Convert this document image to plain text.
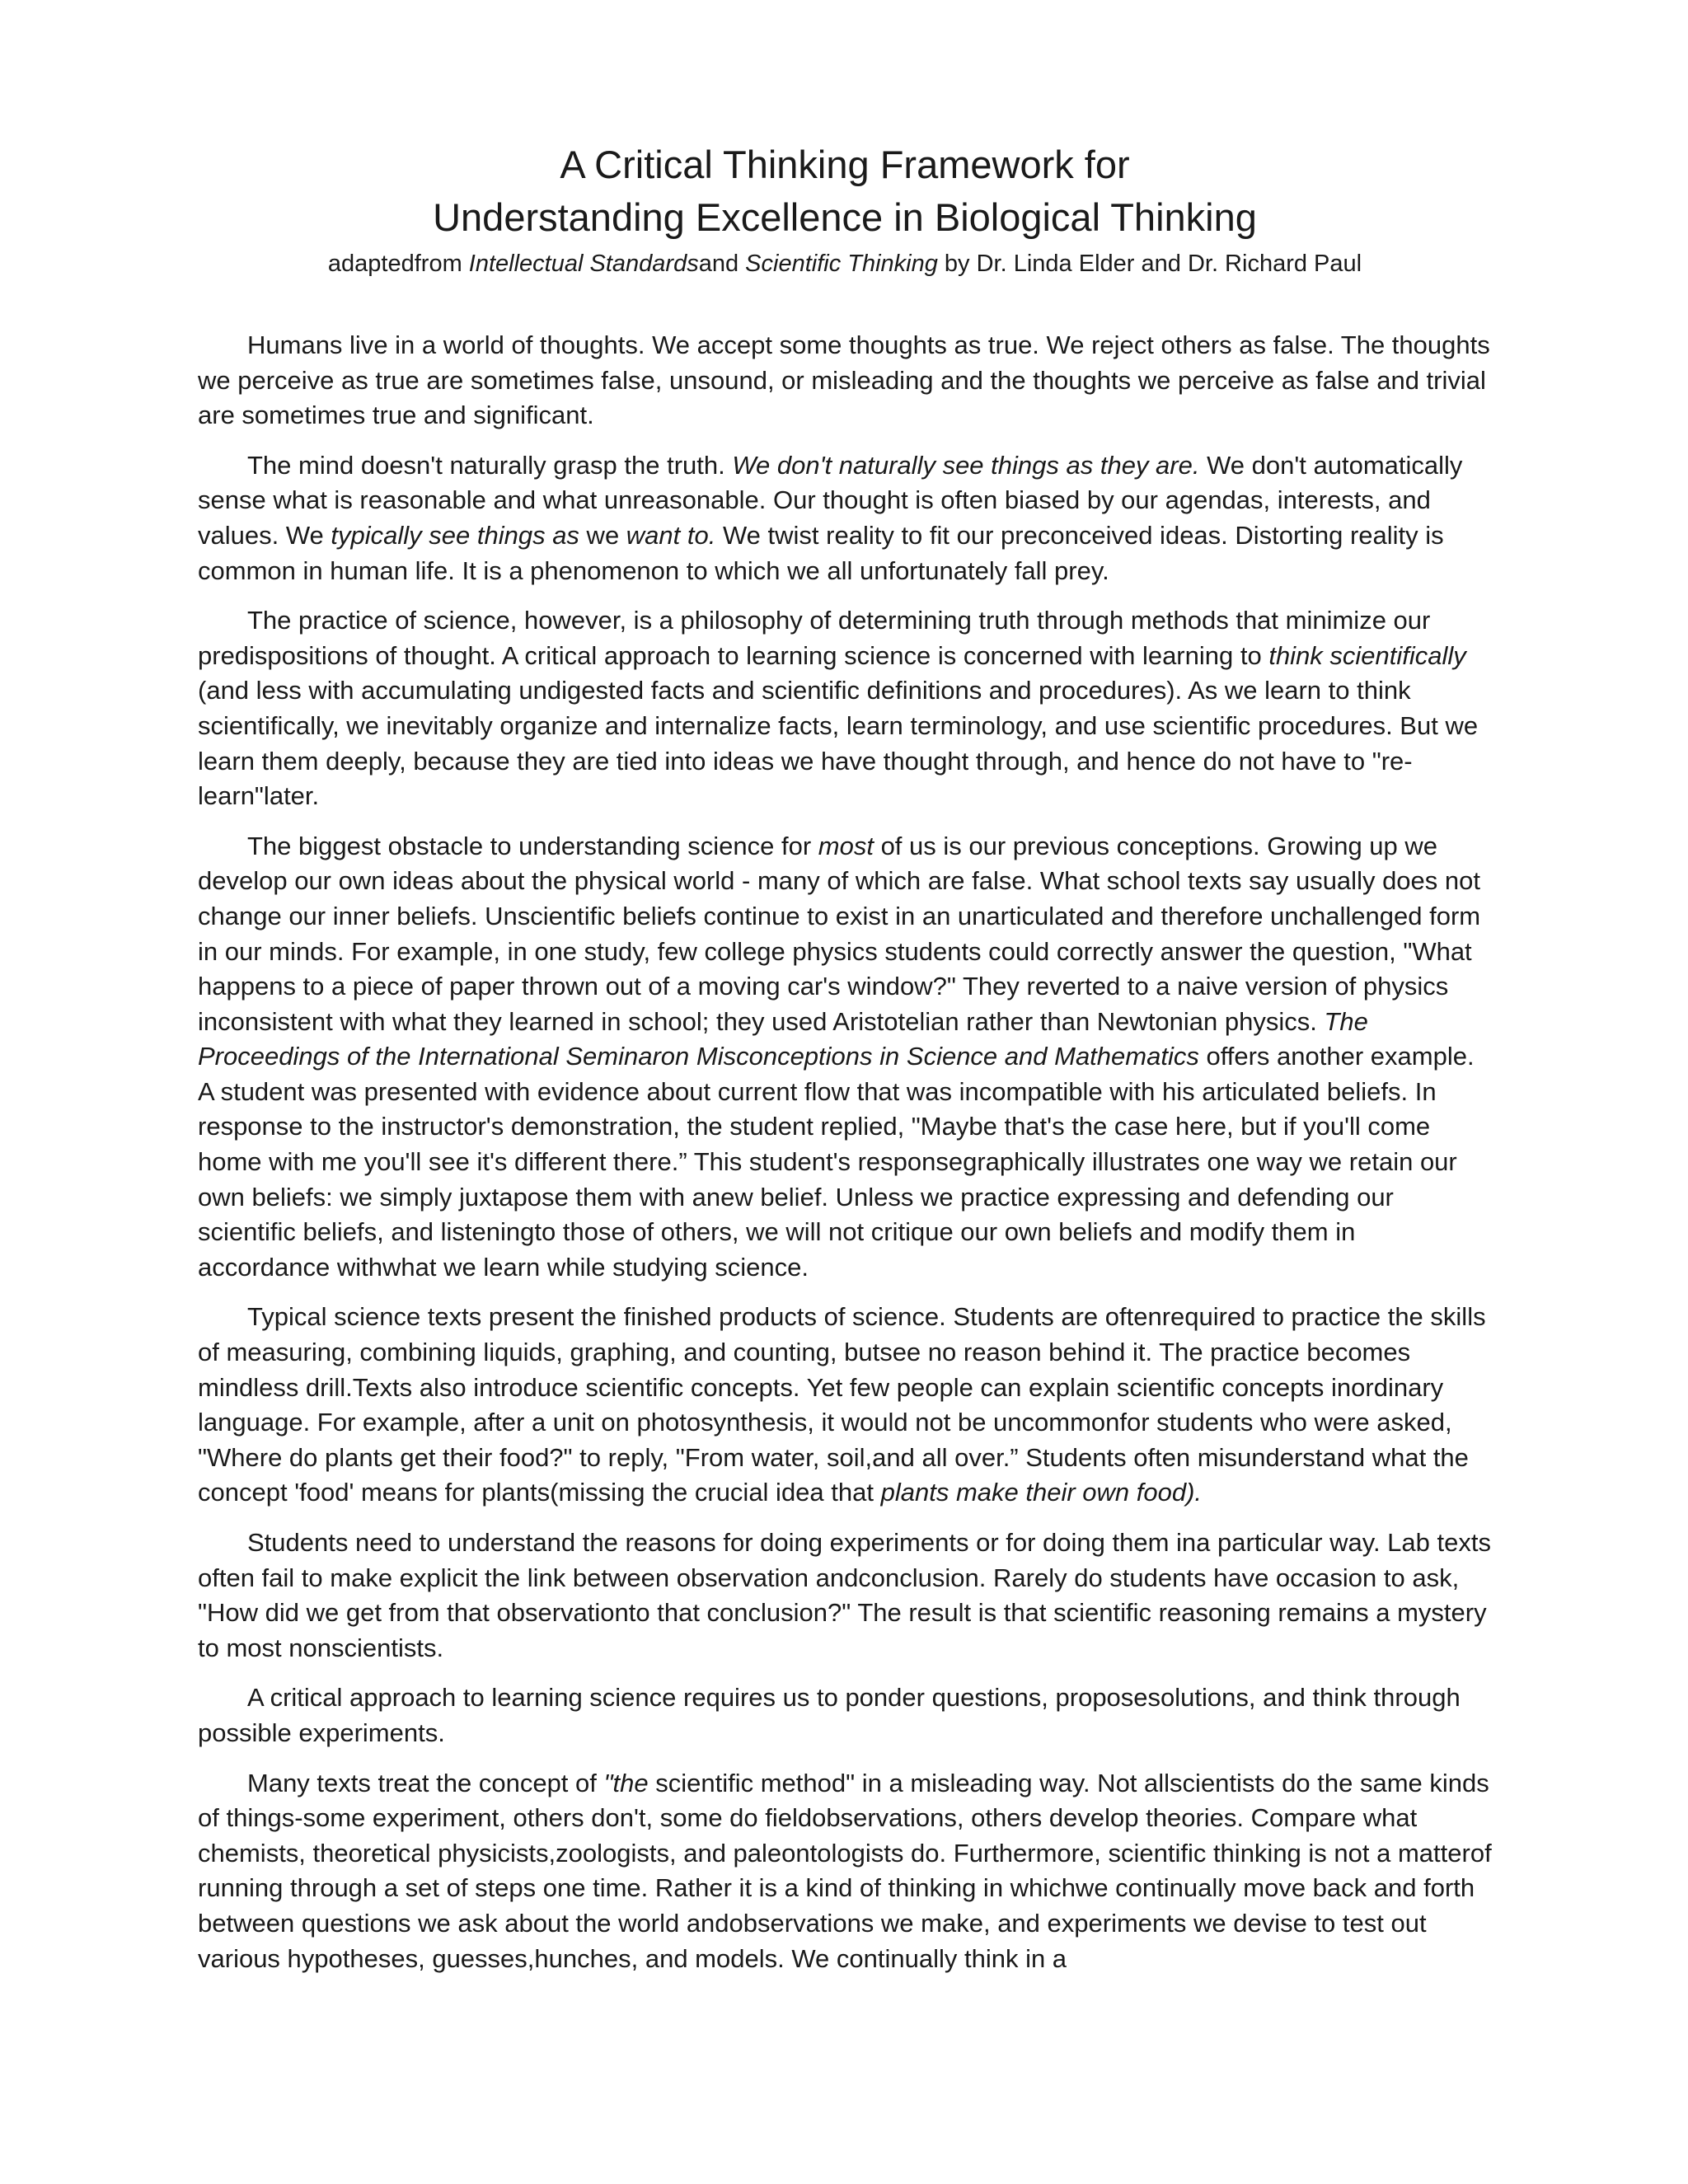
A Critical Thinking Framework for
Understanding Excellence in Biological Thinking
adaptedfrom Intellectual Standardsand Scientific Thinking by Dr. Linda Elder and Dr. Richard Paul

Humans live in a world of thoughts. We accept some thoughts as true. We reject others as false. The thoughts we perceive as true are sometimes false, unsound, or misleading and the thoughts we perceive as false and trivial are sometimes true and significant.

The mind doesn't naturally grasp the truth. We don't naturally see things as they are. We don't automatically sense what is reasonable and what unreasonable. Our thought is often biased by our agendas, interests, and values. We typically see things as we want to. We twist reality to fit our preconceived ideas. Distorting reality is common in human life. It is a phenomenon to which we all unfortunately fall prey.

The practice of science, however, is a philosophy of determining truth through methods that minimize our predispositions of thought. A critical approach to learning science is concerned with learning to think scientifically (and less with accumulating undigested facts and scientific definitions and procedures). As we learn to think scientifically, we inevitably organize and internalize facts, learn terminology, and use scientific procedures. But we learn them deeply, because they are tied into ideas we have thought through, and hence do not have to "re-learn"later.

The biggest obstacle to understanding science for most of us is our previous conceptions. Growing up we develop our own ideas about the physical world - many of which are false. What school texts say usually does not change our inner beliefs. Unscientific beliefs continue to exist in an unarticulated and therefore unchallenged form in our minds. For example, in one study, few college physics students could correctly answer the question, "What happens to a piece of paper thrown out of a moving car's window?" They reverted to a naive version of physics inconsistent with what they learned in school; they used Aristotelian rather than Newtonian physics. The Proceedings of the International Seminaron Misconceptions in Science and Mathematics offers another example. A student was presented with evidence about current flow that was incompatible with his articulated beliefs. In response to the instructor's demonstration, the student replied, "Maybe that's the case here, but if you'll come home with me you'll see it's different there.” This student's responsegraphically illustrates one way we retain our own beliefs: we simply juxtapose them with anew belief. Unless we practice expressing and defending our scientific beliefs, and listeningto those of others, we will not critique our own beliefs and modify them in accordance withwhat we learn while studying science.

Typical science texts present the finished products of science. Students are oftenrequired to practice the skills of measuring, combining liquids, graphing, and counting, butsee no reason behind it. The practice becomes mindless drill.Texts also introduce scientific concepts. Yet few people can explain scientific concepts inordinary language. For example, after a unit on photosynthesis, it would not be uncommonfor students who were asked, "Where do plants get their food?" to reply, "From water, soil,and all over.” Students often misunderstand what the concept 'food' means for plants(missing the crucial idea that plants make their own food).

Students need to understand the reasons for doing experiments or for doing them ina particular way. Lab texts often fail to make explicit the link between observation andconclusion. Rarely do students have occasion to ask, "How did we get from that observationto that conclusion?" The result is that scientific reasoning remains a mystery to most nonscientists.

A critical approach to learning science requires us to ponder questions, proposesolutions, and think through possible experiments.

Many texts treat the concept of "the scientific method" in a misleading way. Not allscientists do the same kinds of things-some experiment, others don't, some do fieldobservations, others develop theories. Compare what chemists, theoretical physicists,zoologists, and paleontologists do. Furthermore, scientific thinking is not a matterof running through a set of steps one time. Rather it is a kind of thinking in whichwe continually move back and forth between questions we ask about the world andobservations we make, and experiments we devise to test out various hypotheses, guesses,hunches, and models. We continually think in a
